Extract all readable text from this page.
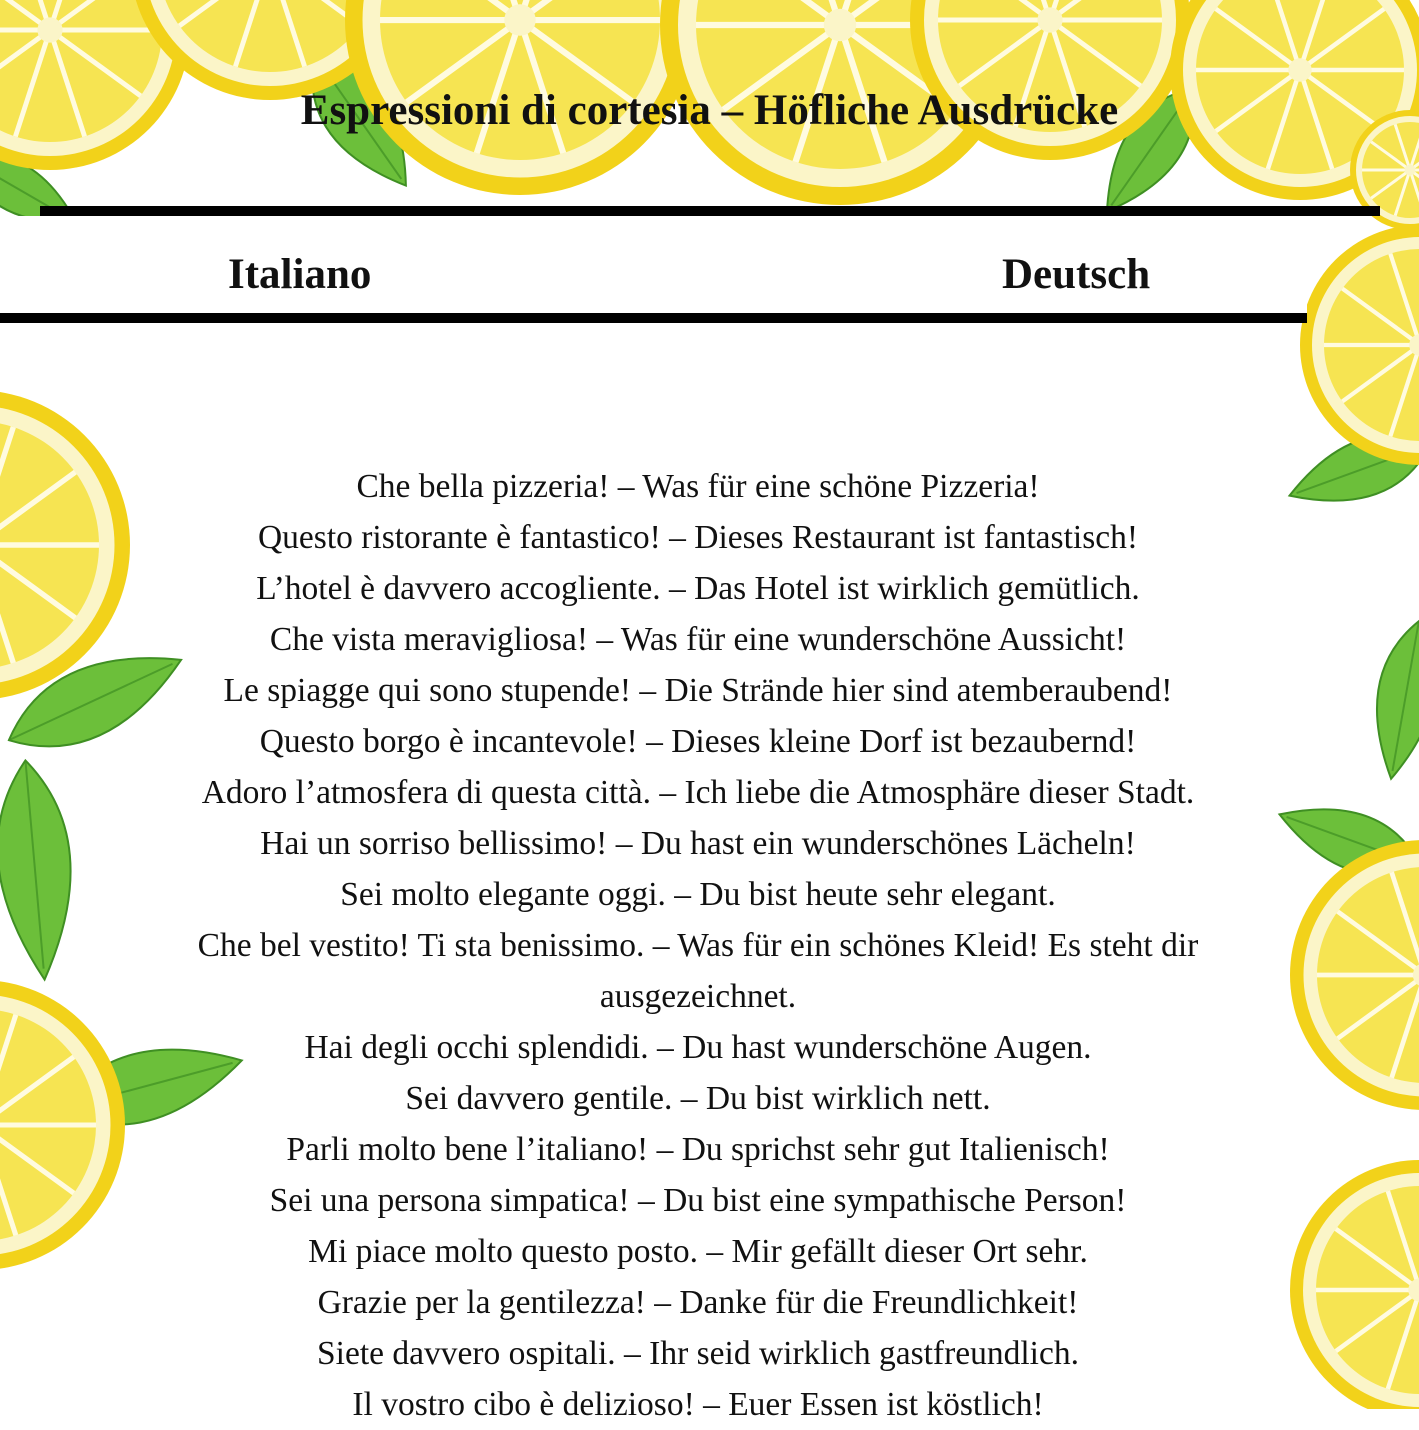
Espressioni di cortesia – Höfliche Ausdrücke
Italiano	Deutsch
Che bella pizzeria! – Was für eine schöne Pizzeria!
Questo ristorante è fantastico! – Dieses Restaurant ist fantastisch!
L’hotel è davvero accogliente. – Das Hotel ist wirklich gemütlich.
Che vista meravigliosa! – Was für eine wunderschöne Aussicht!
Le spiagge qui sono stupende! – Die Strände hier sind atemberaubend!
Questo borgo è incantevole! – Dieses kleine Dorf ist bezaubernd!
Adoro l’atmosfera di questa città. – Ich liebe die Atmosphäre dieser Stadt.
Hai un sorriso bellissimo! – Du hast ein wunderschönes Lächeln!
Sei molto elegante oggi. – Du bist heute sehr elegant.
Che bel vestito! Ti sta benissimo. – Was für ein schönes Kleid! Es steht dir ausgezeichnet.
Hai degli occhi splendidi. – Du hast wunderschöne Augen.
Sei davvero gentile. – Du bist wirklich nett.
Parli molto bene l’italiano! – Du sprichst sehr gut Italienisch!
Sei una persona simpatica! – Du bist eine sympathische Person!
Mi piace molto questo posto. – Mir gefällt dieser Ort sehr.
Grazie per la gentilezza! – Danke für die Freundlichkeit!
Siete davvero ospitali. – Ihr seid wirklich gastfreundlich.
Il vostro cibo è delizioso! – Euer Essen ist köstlich!
